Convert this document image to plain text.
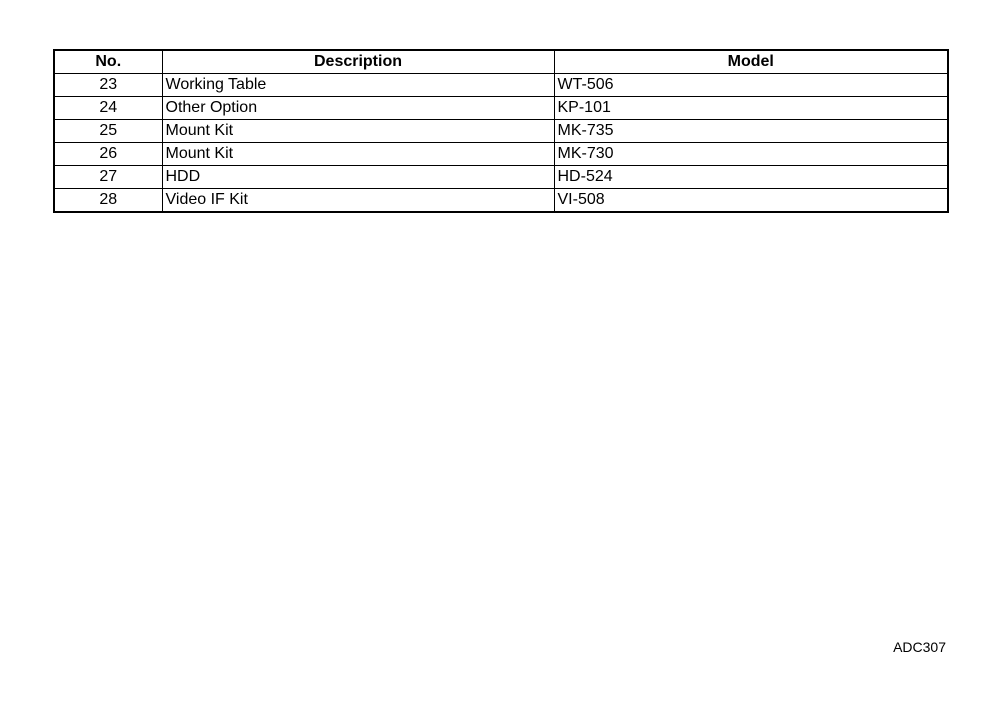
No.	Description	Model
23	Working Table	WT-506
24	Other Option	KP-101
25	Mount Kit	MK-735
26	Mount Kit	MK-730
27	HDD	HD-524
28	Video IF Kit	VI-508
ADC307
